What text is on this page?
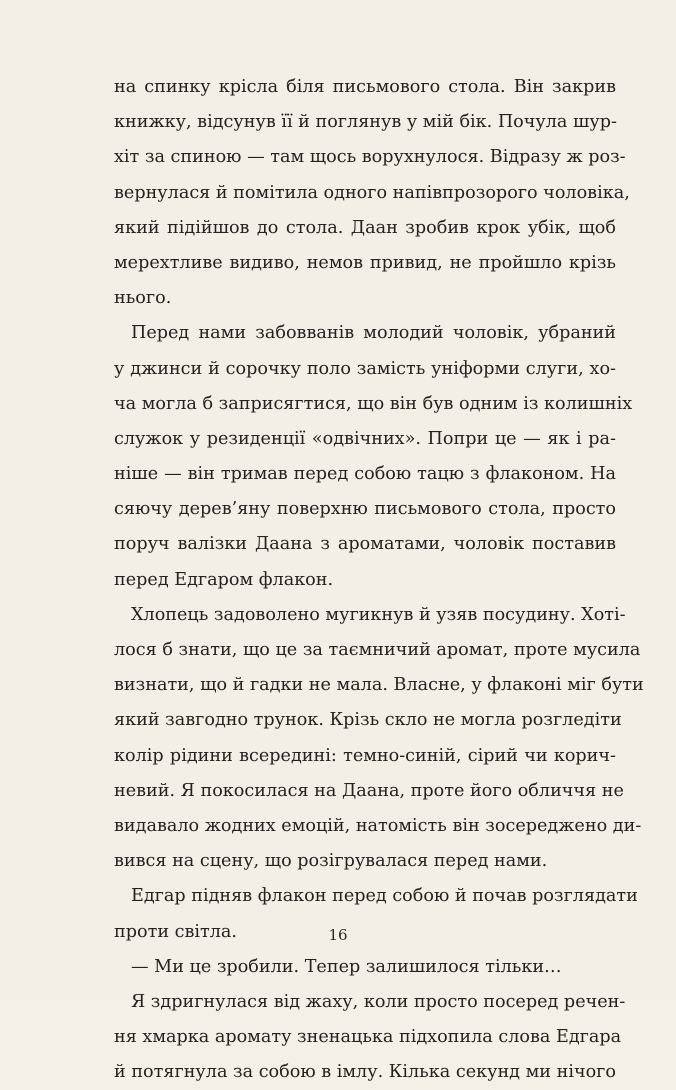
на спинку крісла біля письмового стола. Він закрив
книжку, відсунув її й поглянув у мій бік. Почула шур-
хіт за спиною — там щось ворухнулося. Відразу ж роз-
вернулася й помітила одного напівпрозорого чоловіка,
який підійшов до стола. Даан зробив крок убік, щоб
мерехтливе видиво, немов привид, не пройшло крізь
нього.
Перед нами забовванів молодий чоловік, убраний
у джинси й сорочку поло замість уніформи слуги, хо-
ча могла б заприсягтися, що він був одним із колишніх
служок у резиденції «одвічних». Попри це — як і ра-
ніше — він тримав перед собою тацю з флаконом. На
сяючу дерев’яну поверхню письмового стола, просто
поруч валізки Даана з ароматами, чоловік поставив
перед Едгаром флакон.
Хлопець задоволено мугикнув й узяв посудину. Хоті-
лося б знати, що це за таємничий аромат, проте мусила
визнати, що й гадки не мала. Власне, у флаконі міг бути
який завгодно трунок. Крізь скло не могла розгледіти
колір рідини всередині: темно-синій, сірий чи корич-
невий. Я покосилася на Даана, проте його обличчя не
видавало жодних емоцій, натомість він зосереджено ди-
вився на сцену, що розігрувалася перед нами.
Едгар підняв флакон перед собою й почав розглядати
проти світла.
— Ми це зробили. Тепер залишилося тільки…
Я здригнулася від жаху, коли просто посеред речен-
ня хмарка аромату зненацька підхопила слова Едгара
й потягнула за собою в імлу. Кілька секунд ми нічого
16
